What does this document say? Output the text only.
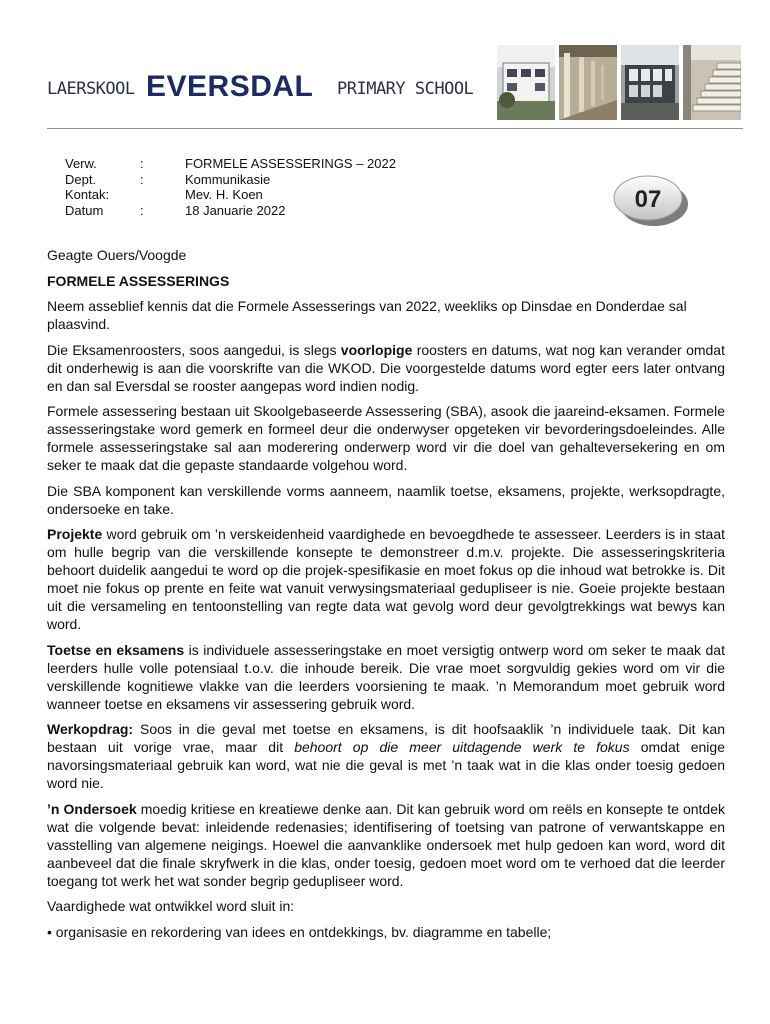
LAERSKOOL EVERSDAL PRIMARY SCHOOL
Verw.	:	FORMELE ASSESSERINGS – 2022
Dept.	:	Kommunikasie
Kontak:	Mev. H. Koen
Datum	:	18 Januarie 2022	07

Geagte Ouers/Voogde

FORMELE ASSESSERINGS

Neem asseblief kennis dat die Formele Assesserings van 2022, weekliks op Dinsdae en Donderdae sal plaasvind.

Die Eksamenroosters, soos aangedui, is slegs voorlopige roosters en datums, wat nog kan verander omdat dit onderhewig is aan die voorskrifte van die WKOD. Die voorgestelde datums word egter eers later ontvang en dan sal Eversdal se rooster aangepas word indien nodig.

Formele assessering bestaan uit Skoolgebaseerde Assessering (SBA), asook die jaareind-eksamen. Formele assesseringstake word gemerk en formeel deur die onderwyser opgeteken vir bevorderingsdoeleindes. Alle formele assesseringstake sal aan moderering onderwerp word vir die doel van gehalteversekering en om seker te maak dat die gepaste standaarde volgehou word.

Die SBA komponent kan verskillende vorms aanneem, naamlik toetse, eksamens, projekte, werksopdragte, ondersoeke en take.

Projekte word gebruik om ’n verskeidenheid vaardighede en bevoegdhede te assesseer. Leerders is in staat om hulle begrip van die verskillende konsepte te demonstreer d.m.v. projekte. Die assesseringskriteria behoort duidelik aangedui te word op die projek-spesifikasie en moet fokus op die inhoud wat betrokke is. Dit moet nie fokus op prente en feite wat vanuit verwysingsmateriaal gedupliseer is nie. Goeie projekte bestaan uit die versameling en tentoonstelling van regte data wat gevolg word deur gevolgtrekkings wat bewys kan word.

Toetse en eksamens is individuele assesseringstake en moet versigtig ontwerp word om seker te maak dat leerders hulle volle potensiaal t.o.v. die inhoude bereik. Die vrae moet sorgvuldig gekies word om vir die verskillende kognitiewe vlakke van die leerders voorsiening te maak. ’n Memorandum moet gebruik word wanneer toetse en eksamens vir assessering gebruik word.

Werkopdrag: Soos in die geval met toetse en eksamens, is dit hoofsaaklik ’n individuele taak. Dit kan bestaan uit vorige vrae, maar dit behoort op die meer uitdagende werk te fokus omdat enige navorsingsmateriaal gebruik kan word, wat nie die geval is met ’n taak wat in die klas onder toesig gedoen word nie.

’n Ondersoek moedig kritiese en kreatiewe denke aan. Dit kan gebruik word om reëls en konsepte te ontdek wat die volgende bevat: inleidende redenasies; identifisering of toetsing van patrone of verwantskappe en vasstelling van algemene neigings. Hoewel die aanvanklike ondersoek met hulp gedoen kan word, word dit aanbeveel dat die finale skryfwerk in die klas, onder toesig, gedoen moet word om te verhoed dat die leerder toegang tot werk het wat sonder begrip gedupliseer word.

Vaardighede wat ontwikkel word sluit in:

• organisasie en rekordering van idees en ontdekkings, bv. diagramme en tabelle;
